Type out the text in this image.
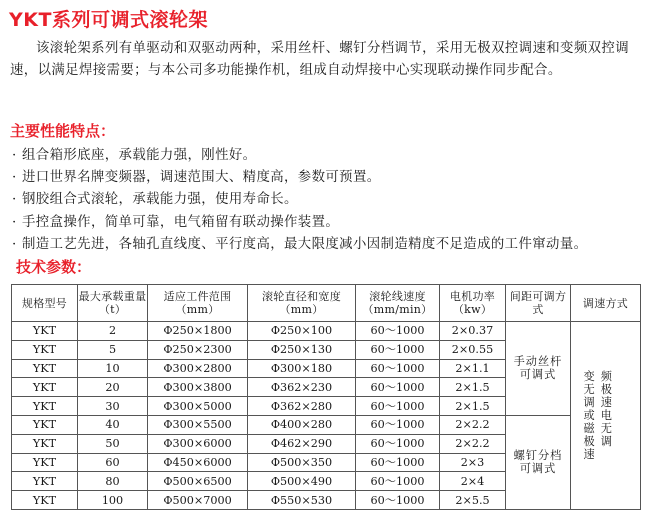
YKT系列可调式滚轮架
该滚轮架系列有单驱动和双驱动两种，采用丝杆、螺钉分档调节，采用无极双控调速和变频双控调速，以满足焊接需要；与本公司多功能操作机，组成自动焊接中心实现联动操作同步配合。
主要性能特点：
· 组合箱形底座，承载能力强，刚性好。
· 进口世界名牌变频器，调速范围大、精度高，参数可预置。
· 钢胶组合式滚轮，承载能力强，使用寿命长。
· 手控盒操作，简单可靠，电气箱留有联动操作装置。
· 制造工艺先进，各轴孔直线度、平行度高，最大限度减小因制造精度不足造成的工件窜动量。
技术参数：
规格型号	最大承载重量（t）	适应工件范围（mm）	滚轮直径和宽度（mm）	滚轮线速度（mm/min）	电机功率（kw）	间距可调方式	调速方式
YKT	2	Φ250×1800	Φ250×100	60～1000	2×0.37	手动丝杆可调式	变频无极调速或电磁无极调速
YKT	5	Φ250×2300	Φ250×130	60～1000	2×0.55		
YKT	10	Φ300×2800	Φ300×180	60～1000	2×1.1		
YKT	20	Φ300×3800	Φ362×230	60～1000	2×1.5		
YKT	30	Φ300×5000	Φ362×280	60～1000	2×1.5		
YKT	40	Φ300×5500	Φ400×280	60～1000	2×2.2	螺钉分档可调式	
YKT	50	Φ300×6000	Φ462×290	60～1000	2×2.2		
YKT	60	Φ450×6000	Φ500×350	60～1000	2×3		
YKT	80	Φ500×6500	Φ500×490	60～1000	2×4		
YKT	100	Φ500×7000	Φ550×530	60～1000	2×5.5		
